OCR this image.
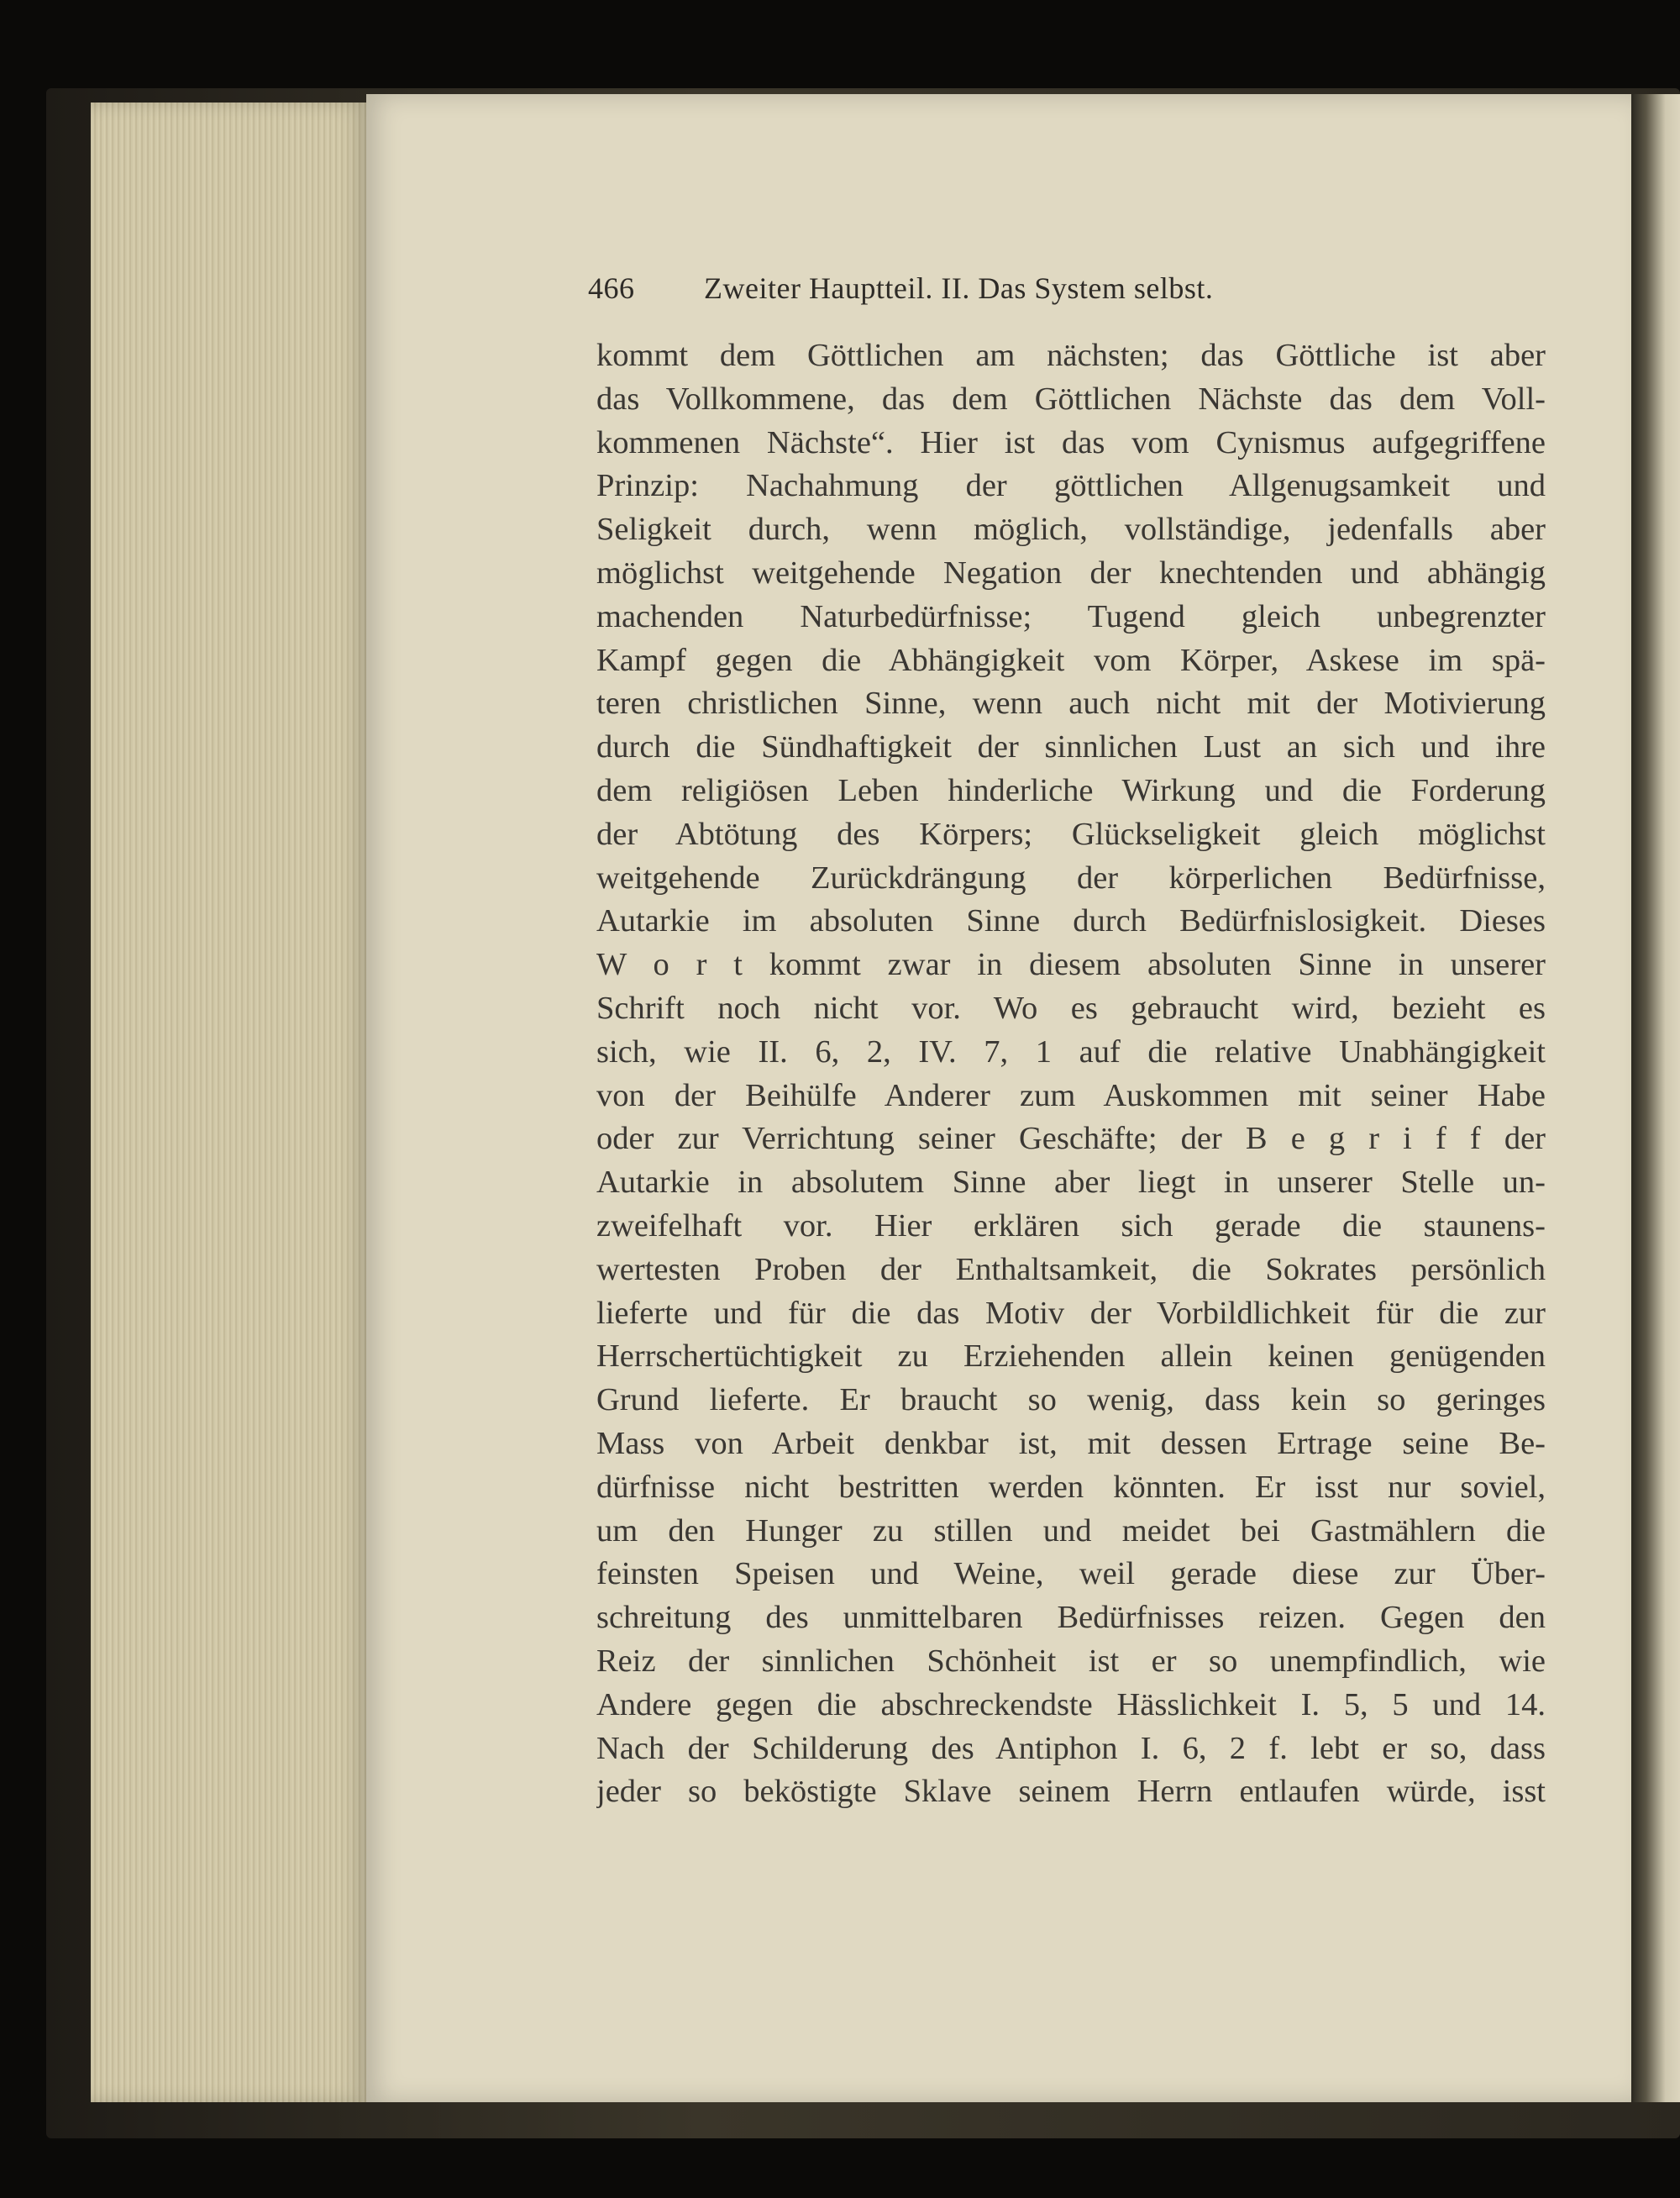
466	Zweiter Hauptteil. II. Das System selbst.
kommt dem Göttlichen am nächsten; das Göttliche ist aber
das Vollkommene, das dem Göttlichen Nächste das dem Voll-
kommenen Nächste“. Hier ist das vom Cynismus aufgegriffene
Prinzip: Nachahmung der göttlichen Allgenugsamkeit und
Seligkeit durch, wenn möglich, vollständige, jedenfalls aber
möglichst weitgehende Negation der knechtenden und abhängig
machenden Naturbedürfnisse; Tugend gleich unbegrenzter
Kampf gegen die Abhängigkeit vom Körper, Askese im spä-
teren christlichen Sinne, wenn auch nicht mit der Motivierung
durch die Sündhaftigkeit der sinnlichen Lust an sich und ihre
dem religiösen Leben hinderliche Wirkung und die Forderung
der Abtötung des Körpers; Glückseligkeit gleich möglichst
weitgehende Zurückdrängung der körperlichen Bedürfnisse,
Autarkie im absoluten Sinne durch Bedürfnislosigkeit. Dieses
W o r t kommt zwar in diesem absoluten Sinne in unserer
Schrift noch nicht vor. Wo es gebraucht wird, bezieht es
sich, wie II. 6, 2, IV. 7, 1 auf die relative Unabhängigkeit
von der Beihülfe Anderer zum Auskommen mit seiner Habe
oder zur Verrichtung seiner Geschäfte; der B e g r i f f der
Autarkie in absolutem Sinne aber liegt in unserer Stelle un-
zweifelhaft vor. Hier erklären sich gerade die staunens-
wertesten Proben der Enthaltsamkeit, die Sokrates persönlich
lieferte und für die das Motiv der Vorbildlichkeit für die zur
Herrschertüchtigkeit zu Erziehenden allein keinen genügenden
Grund lieferte. Er braucht so wenig, dass kein so geringes
Mass von Arbeit denkbar ist, mit dessen Ertrage seine Be-
dürfnisse nicht bestritten werden könnten. Er isst nur soviel,
um den Hunger zu stillen und meidet bei Gastmählern die
feinsten Speisen und Weine, weil gerade diese zur Über-
schreitung des unmittelbaren Bedürfnisses reizen. Gegen den
Reiz der sinnlichen Schönheit ist er so unempfindlich, wie
Andere gegen die abschreckendste Hässlichkeit I. 5, 5 und 14.
Nach der Schilderung des Antiphon I. 6, 2 f. lebt er so, dass
jeder so beköstigte Sklave seinem Herrn entlaufen würde, isst
